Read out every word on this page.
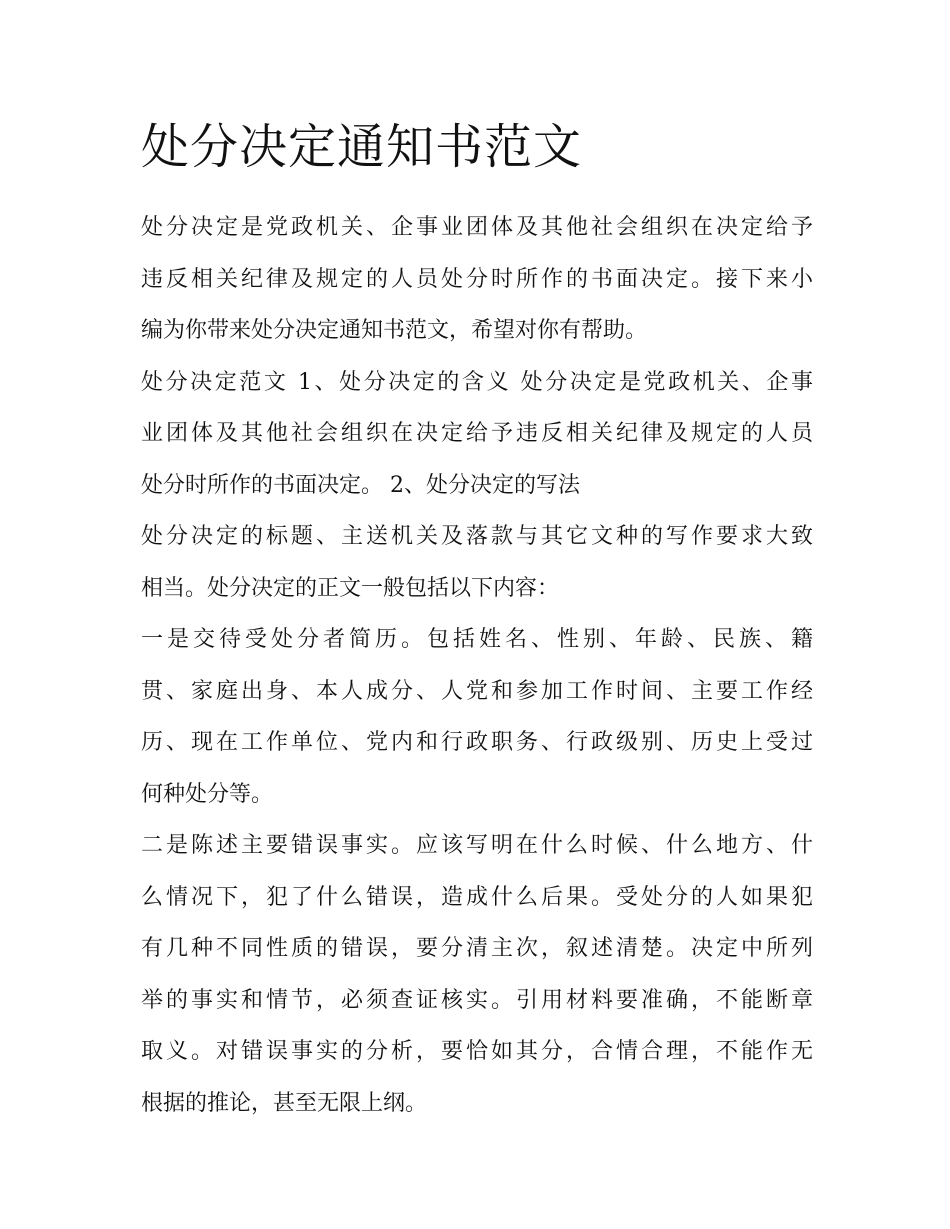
处分决定通知书范文

处分决定是党政机关、企事业团体及其他社会组织在决定给予
违反相关纪律及规定的人员处分时所作的书面决定。接下来小
编为你带来处分决定通知书范文，希望对你有帮助。

处分决定范文 1、处分决定的含义 处分决定是党政机关、企事
业团体及其他社会组织在决定给予违反相关纪律及规定的人员
处分时所作的书面决定。 2、处分决定的写法

处分决定的标题、主送机关及落款与其它文种的写作要求大致
相当。处分决定的正文一般包括以下内容：

一是交待受处分者简历。包括姓名、性别、年龄、民族、籍
贯、家庭出身、本人成分、人党和参加工作时间、主要工作经
历、现在工作单位、党内和行政职务、行政级别、历史上受过
何种处分等。

二是陈述主要错误事实。应该写明在什么时候、什么地方、什
么情况下，犯了什么错误，造成什么后果。受处分的人如果犯
有几种不同性质的错误，要分清主次，叙述清楚。决定中所列
举的事实和情节，必须查证核实。引用材料要准确，不能断章
取义。对错误事实的分析，要恰如其分，合情合理，不能作无
根据的推论，甚至无限上纲。
